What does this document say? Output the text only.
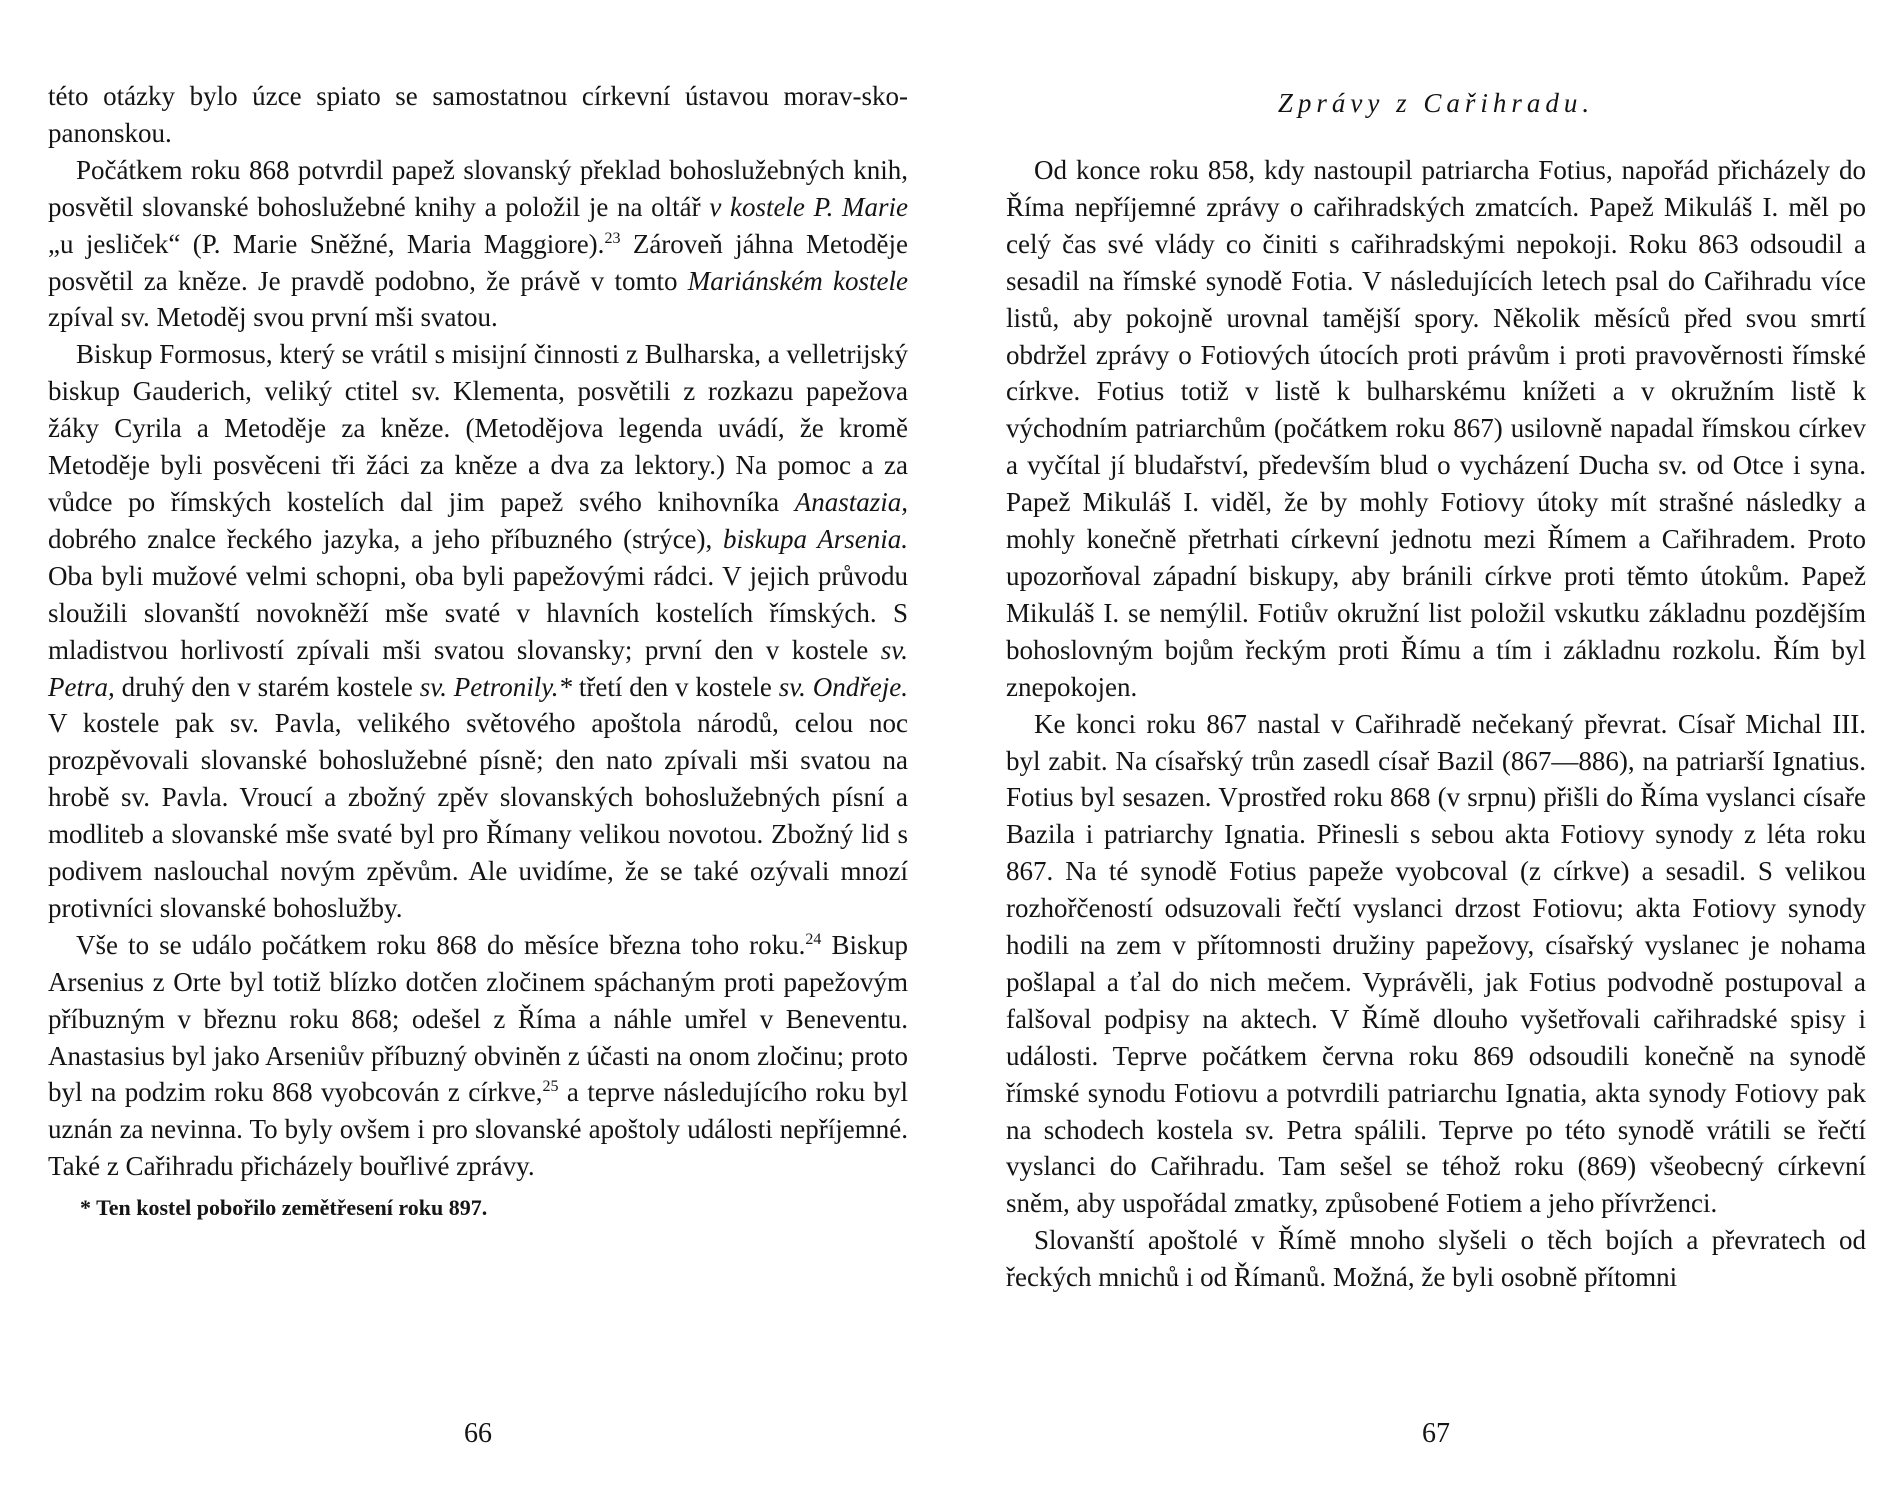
této otázky bylo úzce spiato se samostatnou církevní ústavou morav-sko-panonskou.

Počátkem roku 868 potvrdil papež slovanský překlad bohoslužebných knih, posvětil slovanské bohoslužebné knihy a položil je na oltář v kostele P. Marie „u jesliček“ (P. Marie Sněžné, Maria Maggiore).$^{23}$ Zároveň jáhna Metoděje posvětil za kněze. Je pravdě podobno, že právě v tomto Mariánském kostele zpíval sv. Metoděj svou první mši svatou.

Biskup Formosus, který se vrátil s misijní činnosti z Bulharska, a velletrijský biskup Gauderich, veliký ctitel sv. Klementa, posvětili z rozkazu papežova žáky Cyrila a Metoděje za kněze. (Metodějova legenda uvádí, že kromě Metoděje byli posvěceni tři žáci za kněze a dva za lektory.) Na pomoc a za vůdce po římských kostelích dal jim papež svého knihovníka Anastazia, dobrého znalce řeckého jazyka, a jeho příbuzného (strýce), biskupa Arsenia. Oba byli mužové velmi schopni, oba byli papežovými rádci. V jejich průvodu sloužili slovanští novokněží mše svaté v hlavních kostelích římských. S mladistvou horlivostí zpívali mši svatou slovansky; první den v kostele sv. Petra, druhý den v starém kostele sv. Petronily.* třetí den v kostele sv. Ondřeje. V kostele pak sv. Pavla, velikého světového apoštola národů, celou noc prozpěvovali slovanské bohoslužebné písně; den nato zpívali mši svatou na hrobě sv. Pavla. Vroucí a zbožný zpěv slovanských bohoslužebných písní a modliteb a slovanské mše svaté byl pro Římany velikou novotou. Zbožný lid s podivem naslouchal novým zpěvům. Ale uvidíme, že se také ozývali mnozí protivníci slovanské bohoslužby.

Vše to se událo počátkem roku 868 do měsíce března toho roku.$^{24}$ Biskup Arsenius z Orte byl totiž blízko dotčen zločinem spáchaným proti papežovým příbuzným v březnu roku 868; odešel z Říma a náhle umřel v Beneventu. Anastasius byl jako Arseniův příbuzný obviněn z účasti na onom zločinu; proto byl na podzim roku 868 vyobcován z církve,$^{25}$ a teprve následujícího roku byl uznán za nevinna. To byly ovšem i pro slovanské apoštoly události nepříjemné. Také z Cařihradu přicházely bouřlivé zprávy.

* Ten kostel pobořilo zemětřesení roku 897.
66
Zprávy z Cařihradu.

Od konce roku 858, kdy nastoupil patriarcha Fotius, napořád přicházely do Říma nepříjemné zprávy o cařihradských zmatcích. Papež Mikuláš I. měl po celý čas své vlády co činiti s cařihradskými nepokoji. Roku 863 odsoudil a sesadil na římské synodě Fotia. V následujících letech psal do Cařihradu více listů, aby pokojně urovnal tamější spory. Několik měsíců před svou smrtí obdržel zprávy o Fotiových útocích proti právům i proti pravověrnosti římské církve. Fotius totiž v listě k bulharskému knížeti a v okružním listě k východním patriarchům (počátkem roku 867) usilovně napadal římskou církev a vyčítal jí bludařství, především blud o vycházení Ducha sv. od Otce i syna. Papež Mikuláš I. viděl, že by mohly Fotiovy útoky mít strašné následky a mohly konečně přetrhati církevní jednotu mezi Římem a Cařihradem. Proto upozorňoval západní biskupy, aby bránili církve proti těmto útokům. Papež Mikuláš I. se nemýlil. Fotiův okružní list položil vskutku základnu pozdějším bohoslovným bojům řeckým proti Římu a tím i základnu rozkolu. Řím byl znepokojen.

Ke konci roku 867 nastal v Cařihradě nečekaný převrat. Císař Michal III. byl zabit. Na císařský trůn zasedl císař Bazil (867—886), na patriarší Ignatius. Fotius byl sesazen. Vprostřed roku 868 (v srpnu) přišli do Říma vyslanci císaře Bazila i patriarchy Ignatia. Přinesli s sebou akta Fotiovy synody z léta roku 867. Na té synodě Fotius papeže vyobcoval (z církve) a sesadil. S velikou rozhořčeností odsuzovali řečtí vyslanci drzost Fotiovu; akta Fotiovy synody hodili na zem v přítomnosti družiny papežovy, císařský vyslanec je nohama pošlapal a ťal do nich mečem. Vyprávěli, jak Fotius podvodně postupoval a falšoval podpisy na aktech. V Římě dlouho vyšetřovali cařihradské spisy i události. Teprve počátkem června roku 869 odsoudili konečně na synodě římské synodu Fotiovu a potvrdili patriarchu Ignatia, akta synody Fotiovy pak na schodech kostela sv. Petra spálili. Teprve po této synodě vrátili se řečtí vyslanci do Cařihradu. Tam sešel se téhož roku (869) všeobecný církevní sněm, aby uspořádal zmatky, způsobené Fotiem a jeho přívrženci.

Slovanští apoštolé v Římě mnoho slyšeli o těch bojích a převratech od řeckých mnichů i od Římanů. Možná, že byli osobně přítomni

67
